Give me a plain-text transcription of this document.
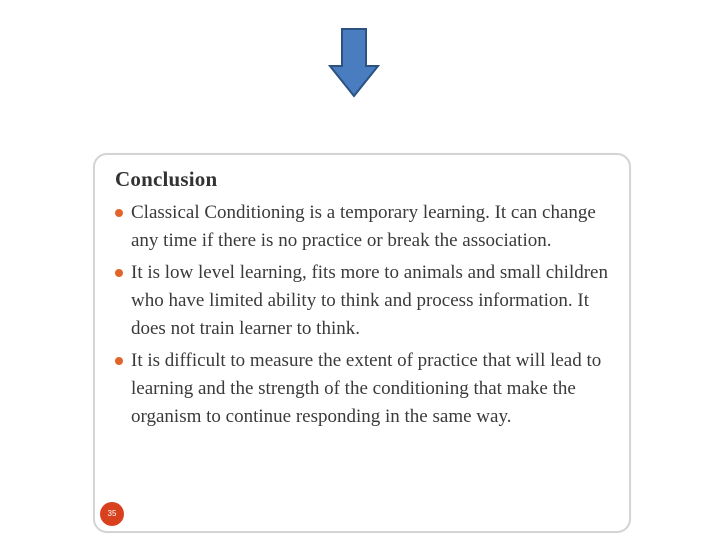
Conclusion
Classical Conditioning is a temporary learning. It can change any time if there is no practice or break the association.
It is low level learning, fits more to animals and small children who have limited ability to think and process information. It does not train learner to think.
It is difficult to measure the extent of practice that will lead to learning and the strength of the conditioning that make the organism to continue responding in the same way.
35
